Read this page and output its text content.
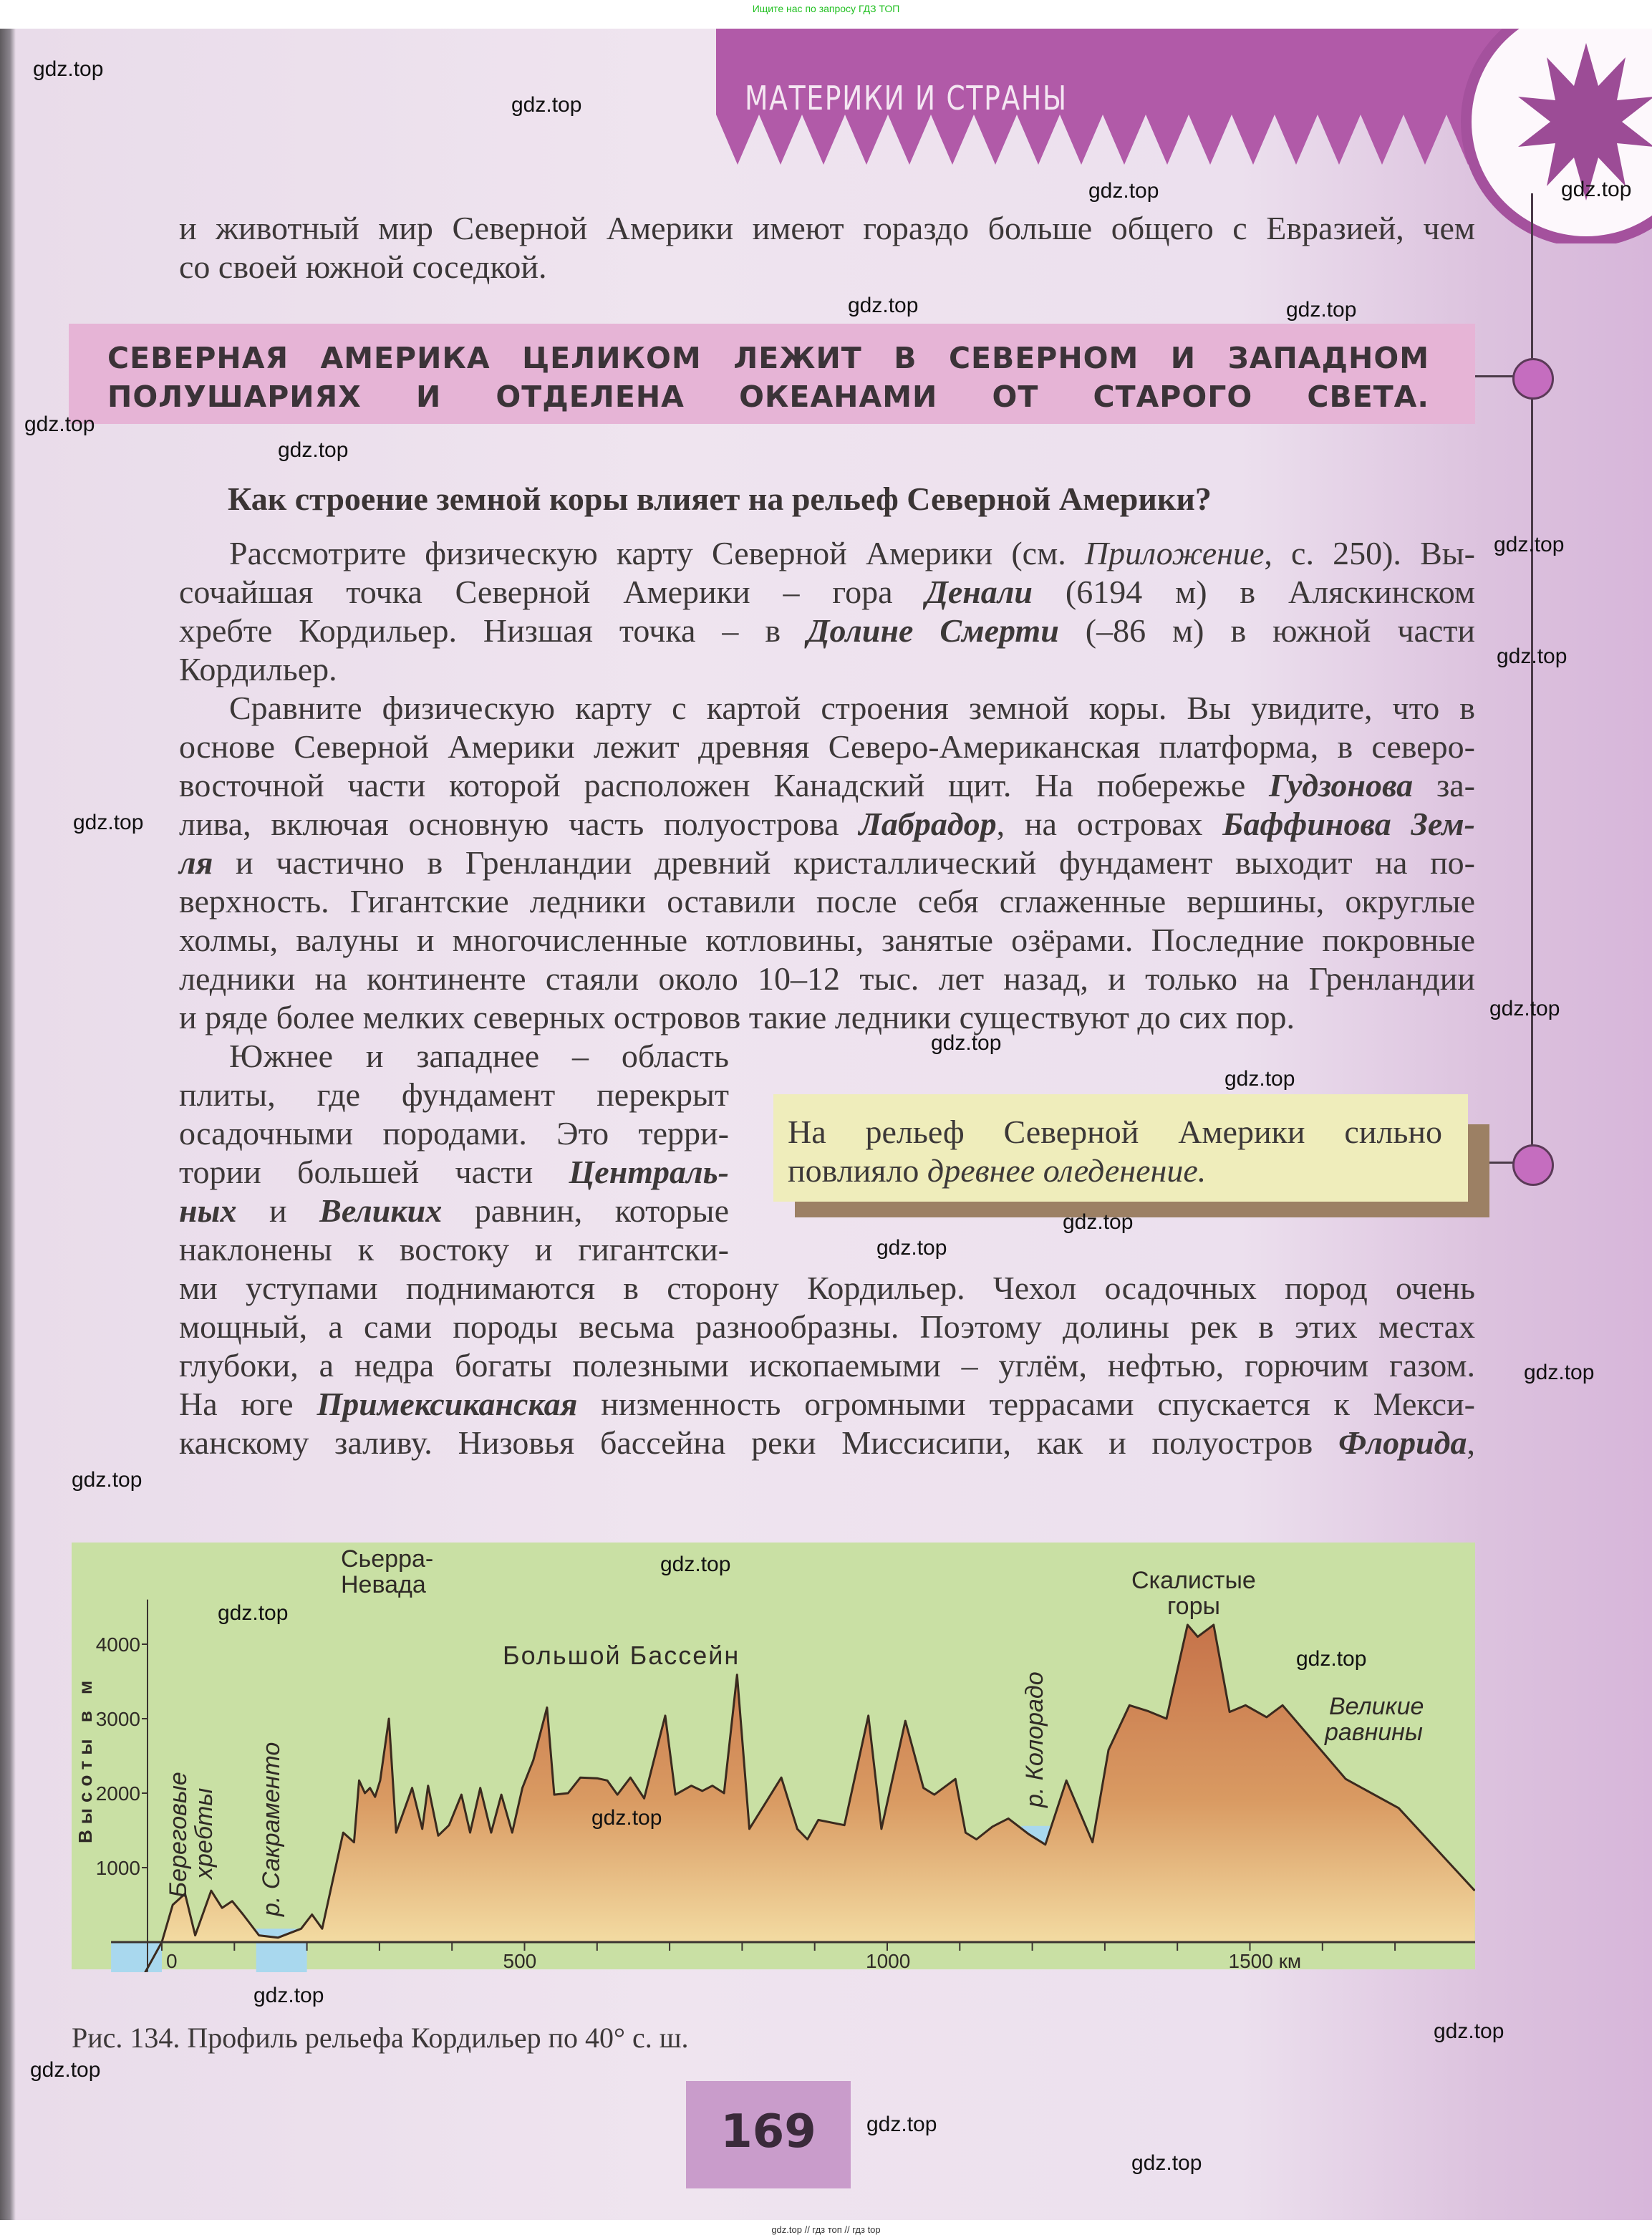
Ищите нас по запросу ГДЗ ТОП
МАТЕРИКИ И СТРАНЫ
СЕВЕРНАЯ АМЕРИКА ЦЕЛИКОМ ЛЕЖИТ В СЕВЕРНОМ И ЗАПАДНОМ
ПОЛУШАРИЯХ И ОТДЕЛЕНА ОКЕАНАМИ ОТ СТАРОГО СВЕТА.
Как строение земной коры влияет на рельеф Северной Америки?
и животный мир Северной Америки имеют гораздо больше общего с Евразией, чем
со своей южной соседкой.
Рассмотрите физическую карту Северной Америки (см. Приложение, с. 250). Вы-
сочайшая точка Северной Америки – гора Денали (6194 м) в Аляскинском
хребте Кордильер. Низшая точка – в Долине Смерти (–86 м) в южной части
Кордильер.
Сравните физическую карту с картой строения земной коры. Вы увидите, что в
основе Северной Америки лежит древняя Северо-Американская платформа, в северо-
восточной части которой расположен Канадский щит. На побережье Гудзонова за-
лива, включая основную часть полуострова Лабрадор, на островах Баффинова Зем-
ля и частично в Гренландии древний кристаллический фундамент выходит на по-
верхность. Гигантские ледники оставили после себя сглаженные вершины, округлые
холмы, валуны и многочисленные котловины, занятые озёрами. Последние покровные
ледники на континенте стаяли около 10–12 тыс. лет назад, и только на Гренландии
и ряде более мелких северных островов такие ледники существуют до сих пор.
Южнее и западнее – область
плиты, где фундамент перекрыт
осадочными породами. Это терри-
тории большей части Централь-
ных и Великих равнин, которые
наклонены к востоку и гигантски-
ми уступами поднимаются в сторону Кордильер. Чехол осадочных пород очень
мощный, а сами породы весьма разнообразны. Поэтому долины рек в этих местах
глубоки, а недра богаты полезными ископаемыми – углём, нефтью, горючим газом.
На юге Примексиканская низменность огромными террасами спускается к Мекси-
канскому заливу. Низовья бассейна реки Миссисипи, как и полуостров Флорида,
На рельеф Северной Америки сильно
повлияло древнее оледенение.
0	500	1000	1500 км
1000
2000
3000
4000
Сьерра-
Невада
Большой Бассейн
Скалистые
горы
Великие
равнины
Береговые
хребты р. Сакраменто
р. Колорадо
Высоты в м
Рис. 134. Профиль рельефа Кордильер по 40° с. ш.
169
gdz.top
gdz.top
gdz.top
gdz.top
gdz.top	gdz.top
gdz.top
gdz.top
gdz.top
gdz.top
gdz.top
gdz.top
gdz.top
gdz.top
gdz.top
gdz.top
gdz.top
gdz.top
gdz.top
gdz.top
gdz.top
gdz.top
gdz.top
gdz.top
gdz.top
gdz.top
gdz.top
gdz.top // гдз топ // гдз top
